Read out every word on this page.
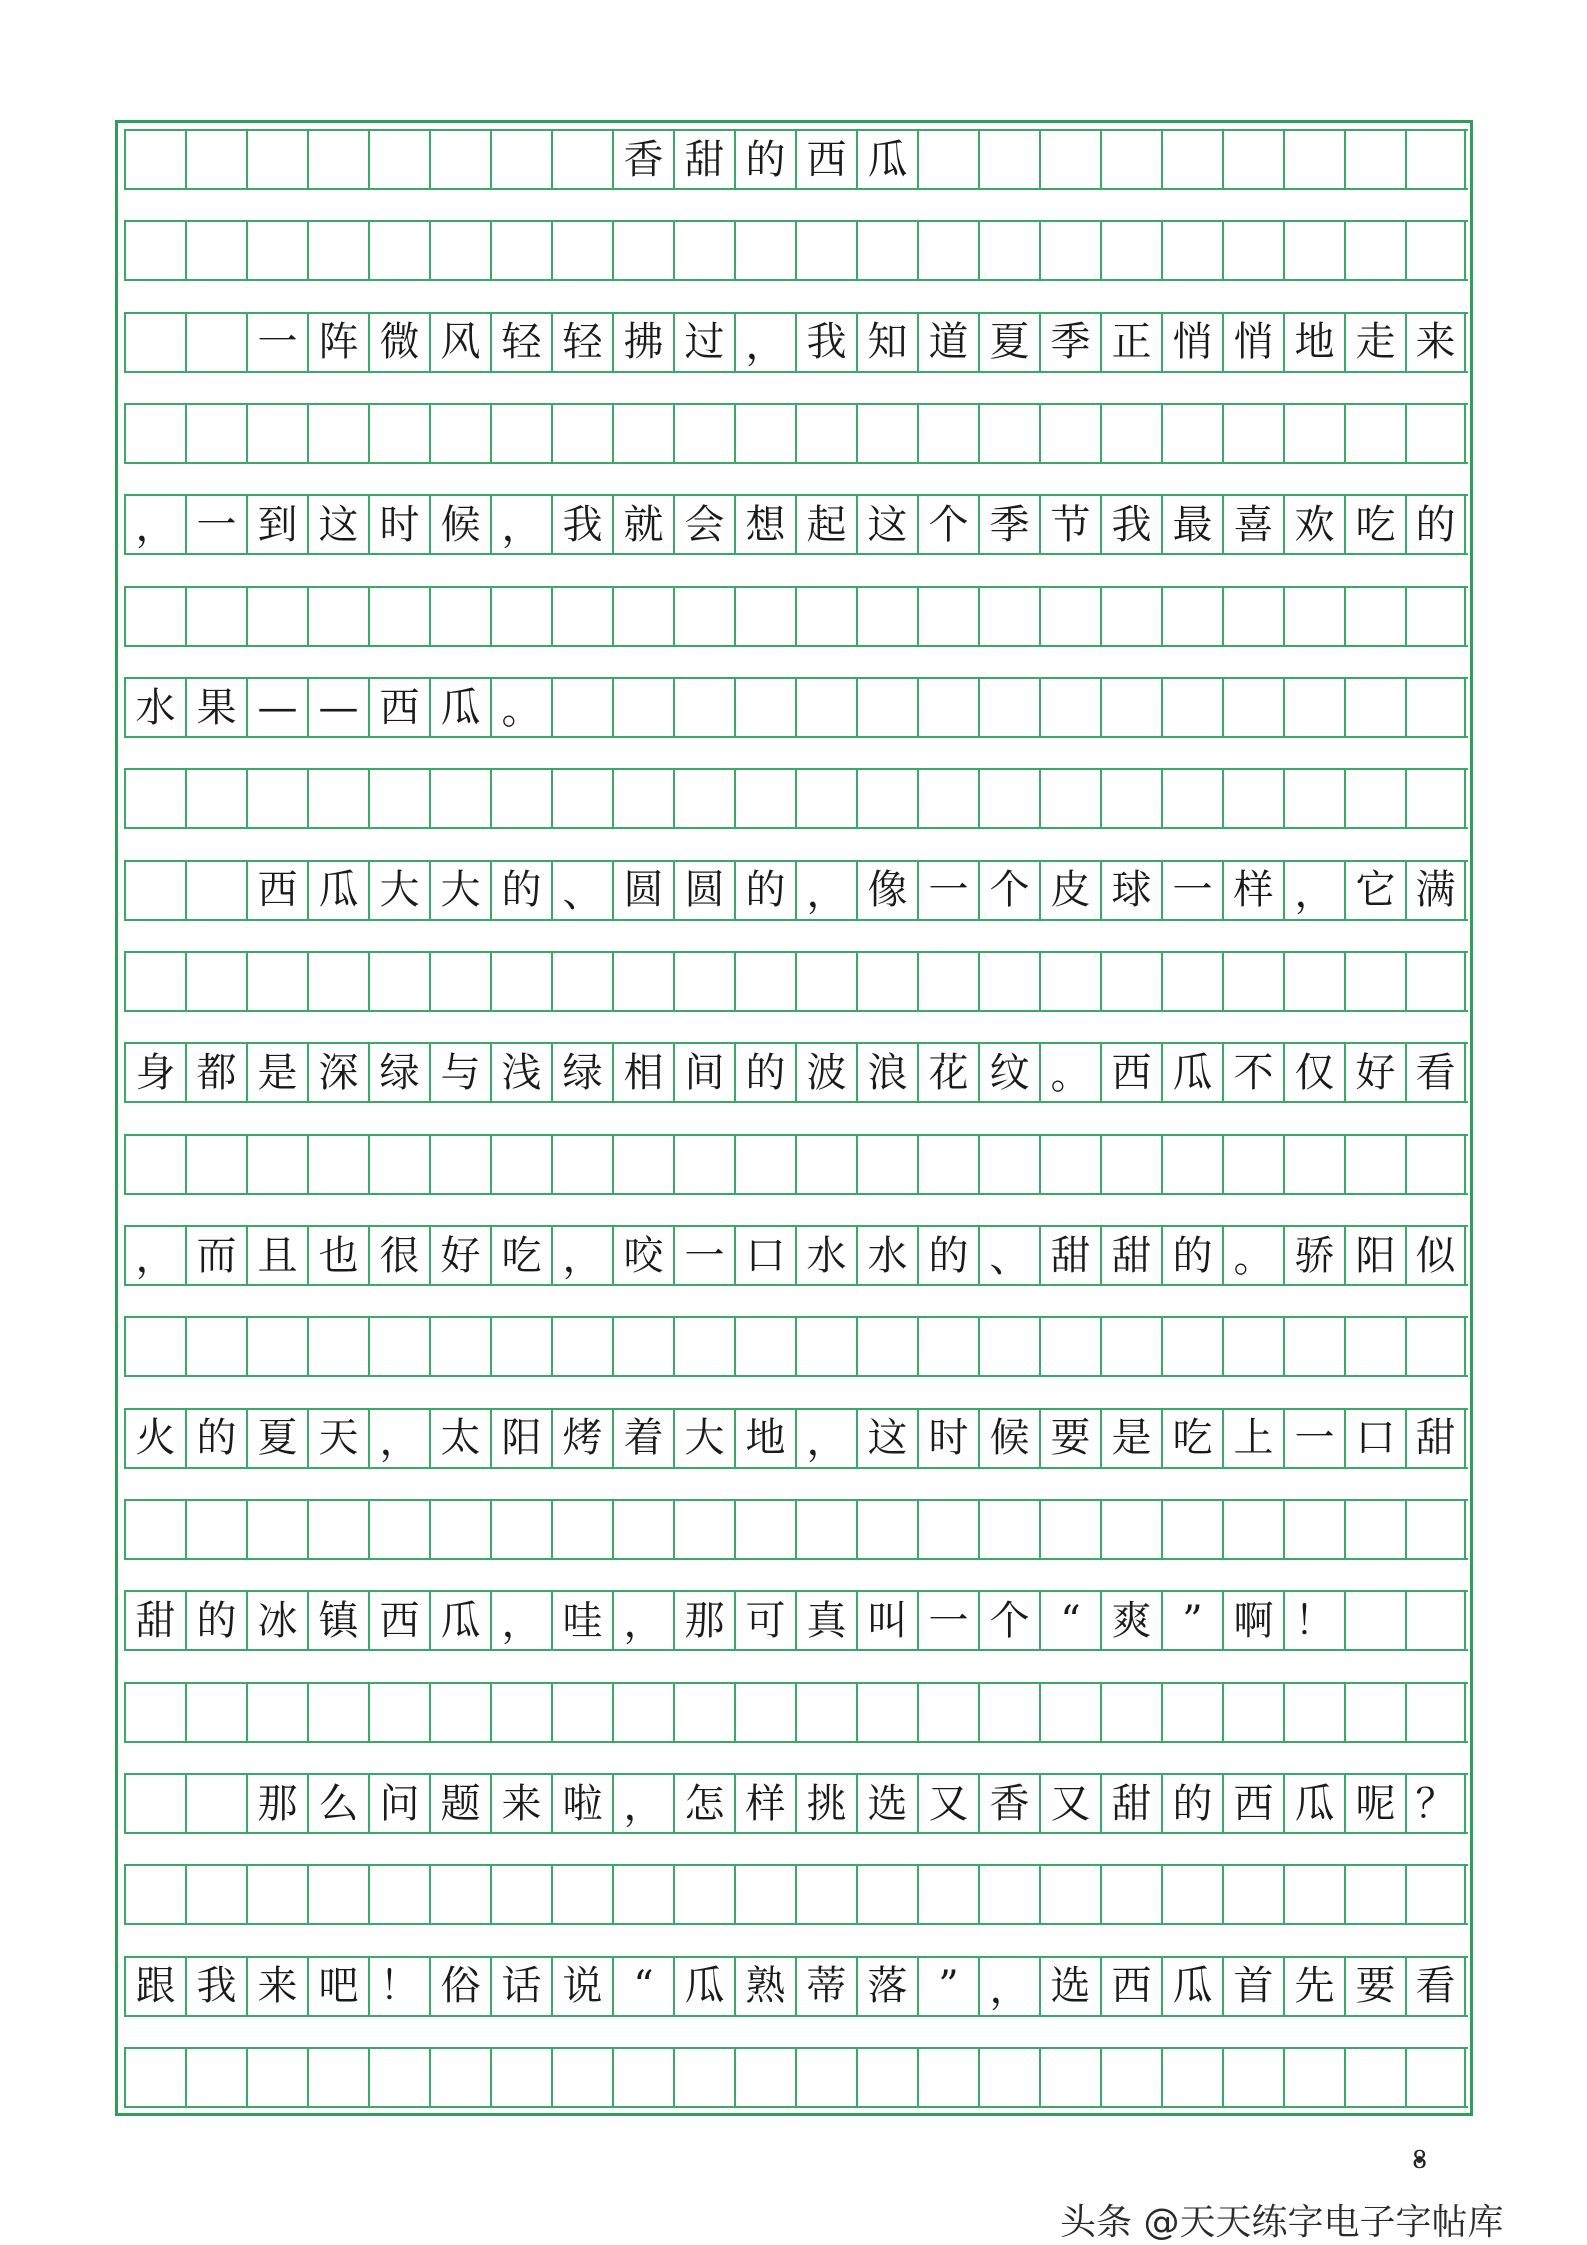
香 甜 的 西 瓜
一 阵 微 风 轻 轻 拂 过 ， 我 知 道 夏 季 正 悄 悄 地 走 来
， 一 到 这 时 候 ， 我 就 会 想 起 这 个 季 节 我 最 喜 欢 吃 的
水 果 — — 西 瓜 。
西 瓜 大 大 的 、 圆 圆 的 ， 像 一 个 皮 球 一 样 ， 它 满
身 都 是 深 绿 与 浅 绿 相 间 的 波 浪 花 纹 。 西 瓜 不 仅 好 看
， 而 且 也 很 好 吃 ， 咬 一 口 水 水 的 、 甜 甜 的 。 骄 阳 似
火 的 夏 天 ， 太 阳 烤 着 大 地 ， 这 时 候 要 是 吃 上 一 口 甜
甜 的 冰 镇 西 瓜 ， 哇 ， 那 可 真 叫 一 个 “ 爽 ” 啊 ！
那 么 问 题 来 啦 ， 怎 样 挑 选 又 香 又 甜 的 西 瓜 呢 ？
跟 我 来 吧 ！ 俗 话 说 “ 瓜 熟 蒂 落 ” ， 选 西 瓜 首 先 要 看
8
头条 @天天练字电子字帖库
